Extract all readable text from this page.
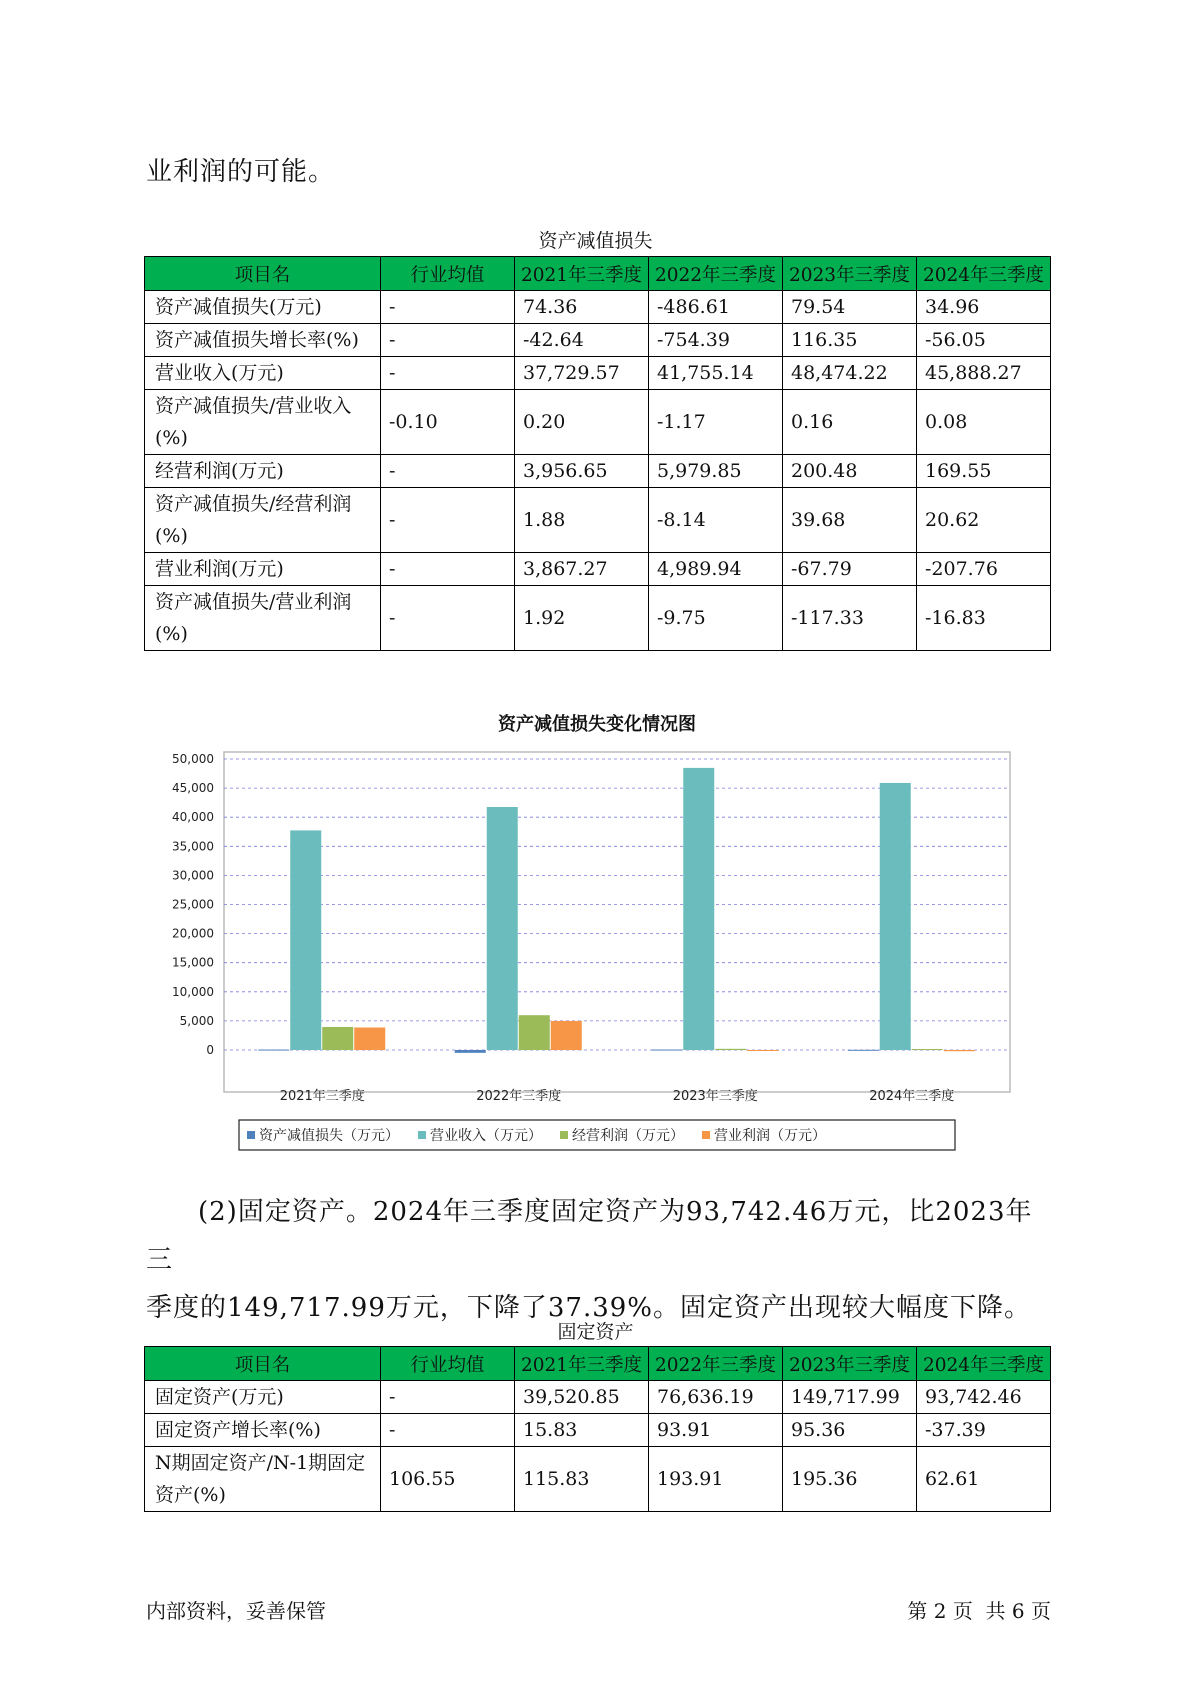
业利润的可能。
资产减值损失
项目名	行业均值	2021年三季度	2022年三季度	2023年三季度	2024年三季度
资产减值损失(万元)	-	74.36	-486.61	79.54	34.96
资产减值损失增长率(%)	-	-42.64	-754.39	116.35	-56.05
营业收入(万元)	-	37,729.57	41,755.14	48,474.22	45,888.27
资产减值损失/营业收入(%)	-0.10	0.20	-1.17	0.16	0.08
经营利润(万元)	-	3,956.65	5,979.85	200.48	169.55
资产减值损失/经营利润(%)	-	1.88	-8.14	39.68	20.62
营业利润(万元)	-	3,867.27	4,989.94	-67.79	-207.76
资产减值损失/营业利润(%)	-	1.92	-9.75	-117.33	-16.83
资产减值损失变化情况图
0
5,000
10,000
15,000
20,000
25,000
30,000
35,000
40,000
45,000
50,000
2021年三季度	2022年三季度	2023年三季度	2024年三季度
资产减值损失（万元） 营业收入（万元） 经营利润（万元） 营业利润（万元）
(2)固定资产。2024年三季度固定资产为93,742.46万元，比2023年三
季度的149,717.99万元，下降了37.39%。固定资产出现较大幅度下降。
固定资产
项目名	行业均值	2021年三季度	2022年三季度	2023年三季度	2024年三季度
固定资产(万元)	-	39,520.85	76,636.19	149,717.99	93,742.46
固定资产增长率(%)	-	15.83	93.91	95.36	-37.39
N期固定资产/N-1期固定资产(%)	106.55	115.83	193.91	195.36	62.61
内部资料，妥善保管	第 2 页  共 6 页
